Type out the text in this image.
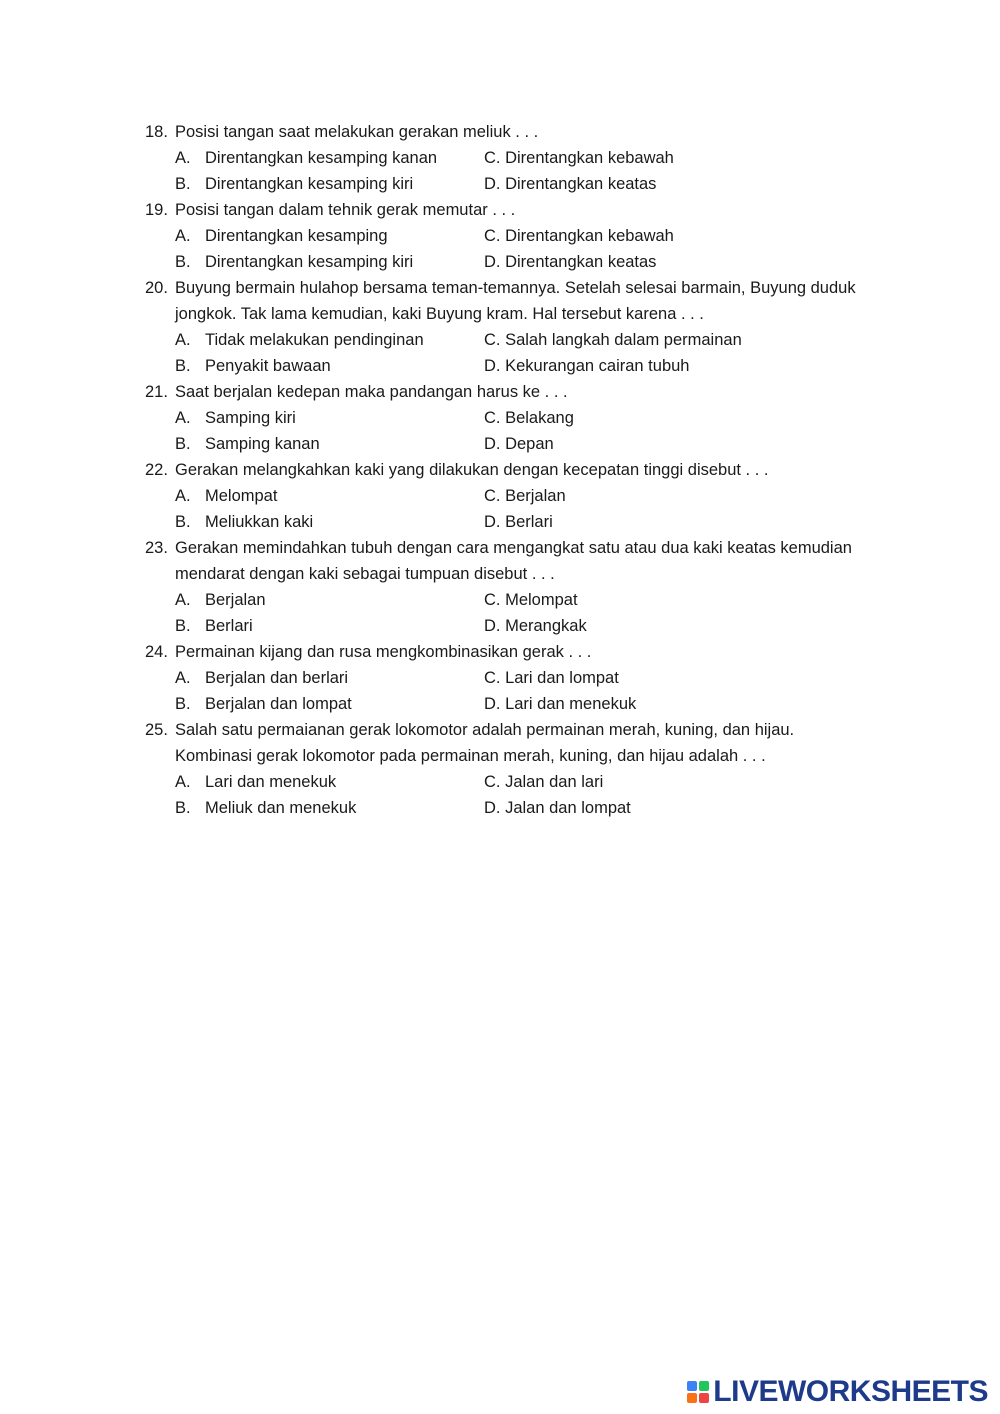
18. Posisi tangan saat melakukan gerakan meliuk . . .
A. Direntangkan kesamping kanan	C. Direntangkan kebawah
B. Direntangkan kesamping kiri	D. Direntangkan keatas
19. Posisi tangan dalam tehnik gerak memutar . . .
A. Direntangkan kesamping	C. Direntangkan kebawah
B. Direntangkan kesamping kiri	D. Direntangkan keatas
20. Buyung bermain hulahop bersama teman-temannya. Setelah selesai barmain, Buyung duduk jongkok. Tak lama kemudian, kaki Buyung kram. Hal tersebut karena . . .
A. Tidak melakukan pendinginan	C. Salah langkah dalam permainan
B. Penyakit bawaan	D. Kekurangan cairan tubuh
21. Saat berjalan kedepan maka pandangan harus ke . . .
A. Samping kiri	C. Belakang
B. Samping kanan	D. Depan
22. Gerakan melangkahkan kaki yang dilakukan dengan kecepatan tinggi disebut . . .
A. Melompat	C. Berjalan
B. Meliukkan kaki	D. Berlari
23. Gerakan memindahkan tubuh dengan cara mengangkat satu atau dua kaki keatas kemudian mendarat dengan kaki sebagai tumpuan disebut . . .
A. Berjalan	C. Melompat
B. Berlari	D. Merangkak
24. Permainan kijang dan rusa mengkombinasikan gerak . . .
A. Berjalan dan berlari	C. Lari dan lompat
B. Berjalan dan lompat	D. Lari dan menekuk
25. Salah satu permaianan gerak lokomotor adalah permainan merah, kuning, dan hijau. Kombinasi gerak lokomotor pada permainan merah, kuning, dan hijau adalah . . .
A. Lari dan menekuk	C. Jalan dan lari
B. Meliuk dan menekuk	D. Jalan dan lompat
LIVEWORKSHEETS
